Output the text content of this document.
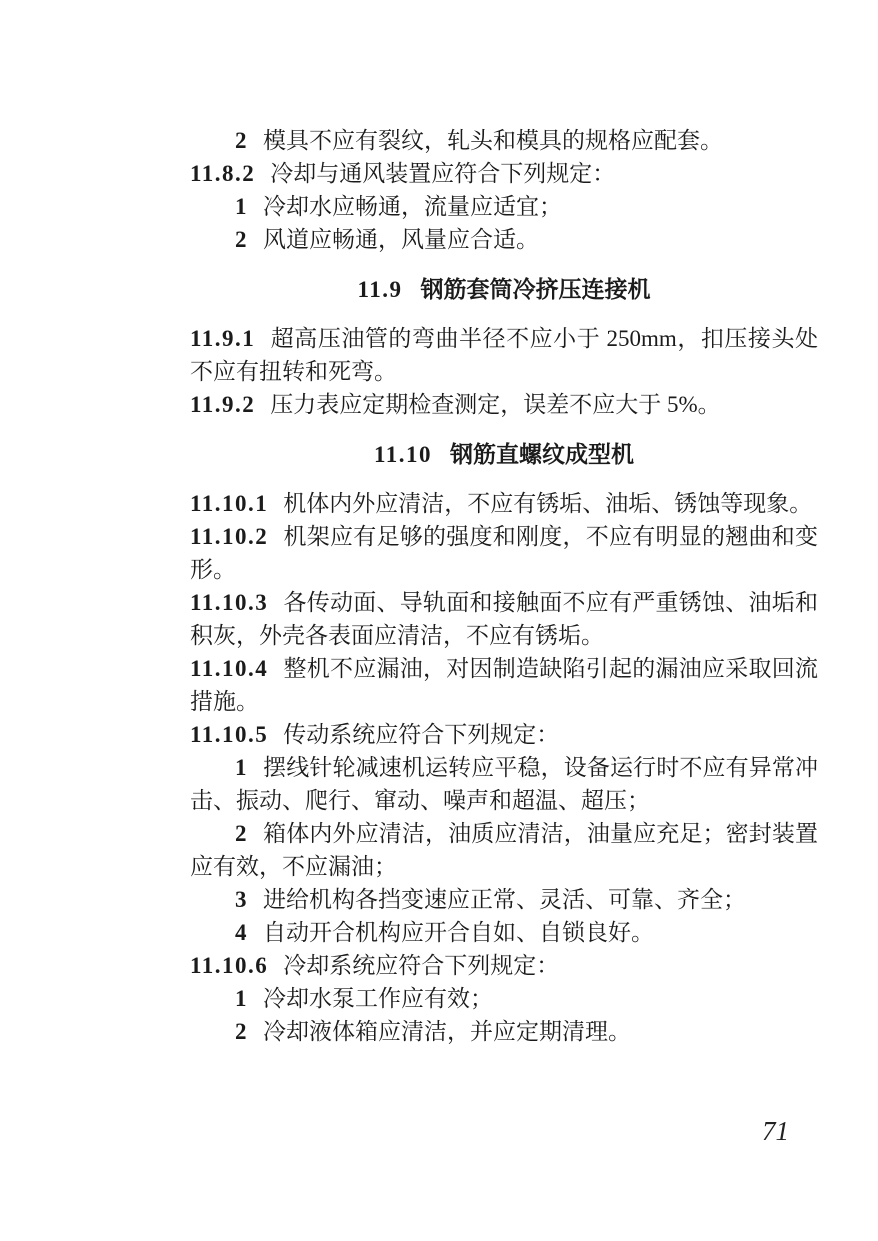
2 模具不应有裂纹，轧头和模具的规格应配套。

11.8.2 冷却与通风装置应符合下列规定：

1 冷却水应畅通，流量应适宜；

2 风道应畅通，风量应合适。

11.9 钢筋套筒冷挤压连接机

11.9.1 超高压油管的弯曲半径不应小于 250mm，扣压接头处不应有扭转和死弯。

11.9.2 压力表应定期检查测定，误差不应大于 5%。

11.10 钢筋直螺纹成型机

11.10.1 机体内外应清洁，不应有锈垢、油垢、锈蚀等现象。

11.10.2 机架应有足够的强度和刚度，不应有明显的翘曲和变形。

11.10.3 各传动面、导轨面和接触面不应有严重锈蚀、油垢和积灰，外壳各表面应清洁，不应有锈垢。

11.10.4 整机不应漏油，对因制造缺陷引起的漏油应采取回流措施。

11.10.5 传动系统应符合下列规定：

1 摆线针轮减速机运转应平稳，设备运行时不应有异常冲击、振动、爬行、窜动、噪声和超温、超压；

2 箱体内外应清洁，油质应清洁，油量应充足；密封装置应有效，不应漏油；

3 进给机构各挡变速应正常、灵活、可靠、齐全；

4 自动开合机构应开合自如、自锁良好。

11.10.6 冷却系统应符合下列规定：

1 冷却水泵工作应有效；

2 冷却液体箱应清洁，并应定期清理。

71
